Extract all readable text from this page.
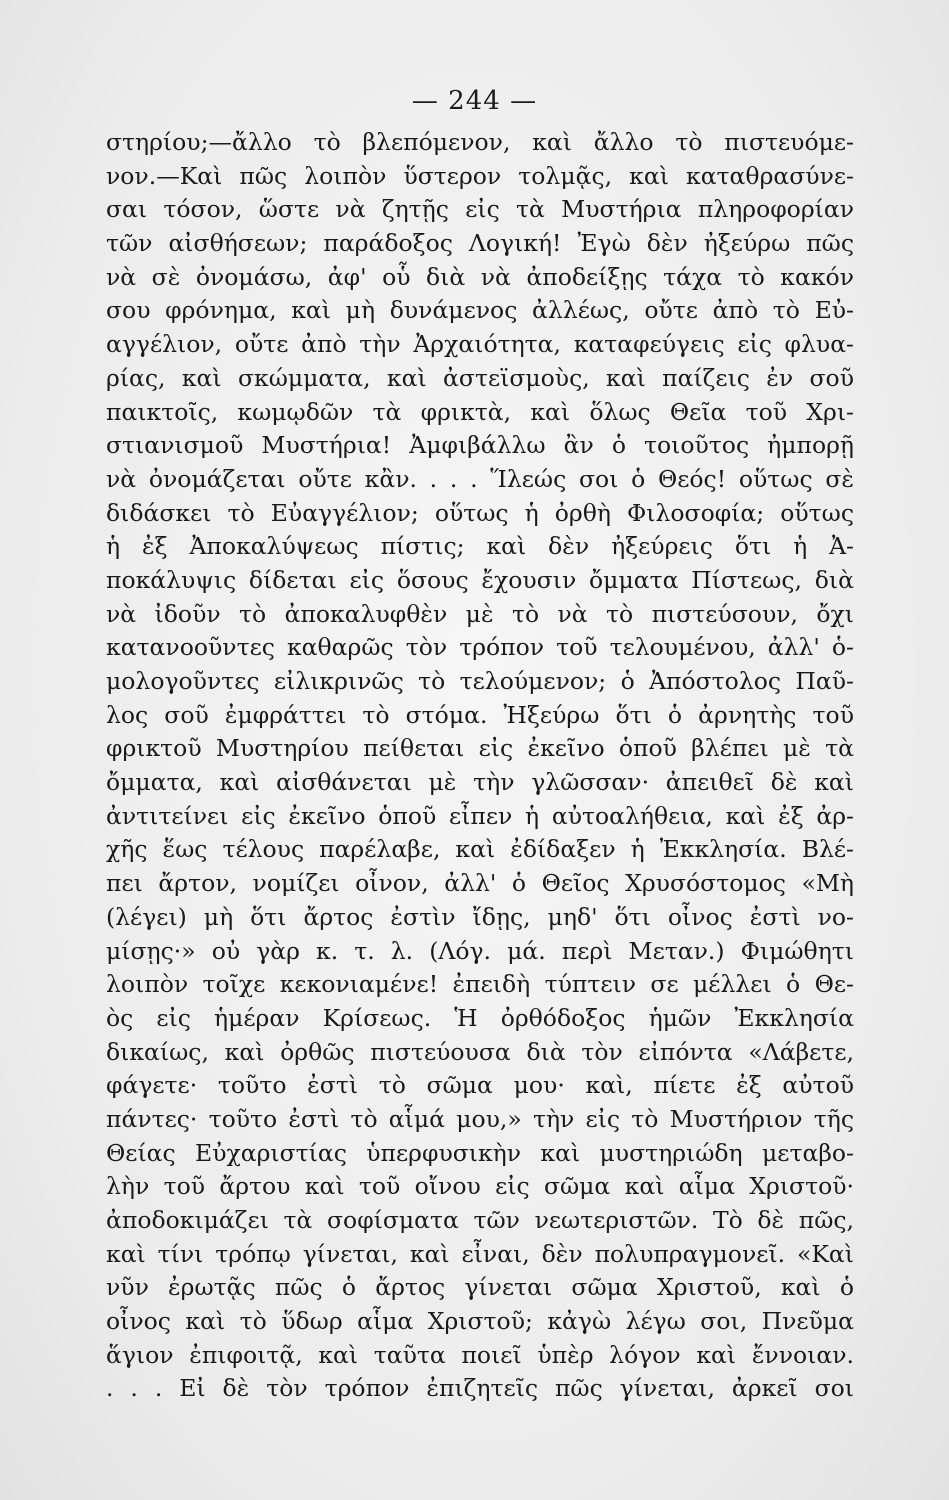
— 244 —
στηρίου;—ἄλλο τὸ βλεπόμενον, καὶ ἄλλο τὸ πιστευόμε-
νον.—Καὶ πῶς λοιπὸν ὕστερον τολμᾷς, καὶ καταθρασύνε-
σαι τόσον, ὥστε νὰ ζητῇς εἰς τὰ Μυστήρια πληροφορίαν
τῶν αἰσθήσεων; παράδοξος Λογική! Ἐγὼ δὲν ἠξεύρω πῶς
νὰ σὲ ὀνομάσω, ἀφ' οὗ διὰ νὰ ἀποδείξῃς τάχα τὸ κακόν
σου φρόνημα, καὶ μὴ δυνάμενος ἀλλέως, οὔτε ἀπὸ τὸ Εὐ-
αγγέλιον, οὔτε ἀπὸ τὴν Ἀρχαιότητα, καταφεύγεις εἰς φλυα-
ρίας, καὶ σκώμματα, καὶ ἀστεϊσμοὺς, καὶ παίζεις ἐν σοῦ
παικτοῖς, κωμῳδῶν τὰ φρικτὰ, καὶ ὅλως Θεῖα τοῦ Χρι-
στιανισμοῦ Μυστήρια! Ἀμφιβάλλω ἂν ὁ τοιοῦτος ἠμπορῇ
νὰ ὀνομάζεται οὔτε κἂν. . . . Ἵλεώς σοι ὁ Θεός! οὕτως σὲ
διδάσκει τὸ Εὐαγγέλιον; οὕτως ἡ ὀρθὴ Φιλοσοφία; οὕτως
ἡ ἐξ Ἀποκαλύψεως πίστις; καὶ δὲν ἠξεύρεις ὅτι ἡ Ἀ-
ποκάλυψις δίδεται εἰς ὅσους ἔχουσιν ὄμματα Πίστεως, διὰ
νὰ ἰδοῦν τὸ ἀποκαλυφθὲν μὲ τὸ νὰ τὸ πιστεύσουν, ὄχι
κατανοοῦντες καθαρῶς τὸν τρόπον τοῦ τελουμένου, ἀλλ' ὁ-
μολογοῦντες εἰλικρινῶς τὸ τελούμενον; ὁ Ἀπόστολος Παῦ-
λος σοῦ ἐμφράττει τὸ στόμα. Ἠξεύρω ὅτι ὁ ἀρνητὴς τοῦ
φρικτοῦ Μυστηρίου πείθεται εἰς ἐκεῖνο ὁποῦ βλέπει μὲ τὰ
ὄμματα, καὶ αἰσθάνεται μὲ τὴν γλῶσσαν· ἀπειθεῖ δὲ καὶ
ἀντιτείνει εἰς ἐκεῖνο ὁποῦ εἶπεν ἡ αὐτοαλήθεια, καὶ ἐξ ἀρ-
χῆς ἕως τέλους παρέλαβε, καὶ ἐδίδαξεν ἡ Ἐκκλησία. Βλέ-
πει ἄρτον, νομίζει οἶνον, ἀλλ' ὁ Θεῖος Χρυσόστομος «Μὴ
(λέγει) μὴ ὅτι ἄρτος ἐστὶν ἴδῃς, μηδ' ὅτι οἶνος ἐστὶ νο-
μίσῃς·» οὐ γὰρ κ. τ. λ. (Λόγ. μά. περὶ Μεταν.) Φιμώθητι
λοιπὸν τοῖχε κεκονιαμένε! ἐπειδὴ τύπτειν σε μέλλει ὁ Θε-
ὸς εἰς ἡμέραν Κρίσεως. Ἡ ὀρθόδοξος ἡμῶν Ἐκκλησία
δικαίως, καὶ ὀρθῶς πιστεύουσα διὰ τὸν εἰπόντα «Λάβετε,
φάγετε· τοῦτο ἐστὶ τὸ σῶμα μου· καὶ, πίετε ἐξ αὐτοῦ
πάντες· τοῦτο ἐστὶ τὸ αἷμά μου,» τὴν εἰς τὸ Μυστήριον τῆς
Θείας Εὐχαριστίας ὑπερφυσικὴν καὶ μυστηριώδη μεταβο-
λὴν τοῦ ἄρτου καὶ τοῦ οἴνου εἰς σῶμα καὶ αἷμα Χριστοῦ·
ἀποδοκιμάζει τὰ σοφίσματα τῶν νεωτεριστῶν. Τὸ δὲ πῶς,
καὶ τίνι τρόπῳ γίνεται, καὶ εἶναι, δὲν πολυπραγμονεῖ. «Καὶ
νῦν ἐρωτᾷς πῶς ὁ ἄρτος γίνεται σῶμα Χριστοῦ, καὶ ὁ
οἶνος καὶ τὸ ὕδωρ αἷμα Χριστοῦ; κἀγὼ λέγω σοι, Πνεῦμα
ἅγιον ἐπιφοιτᾷ, καὶ ταῦτα ποιεῖ ὑπὲρ λόγον καὶ ἔννοιαν.
. . . Εἰ δὲ τὸν τρόπον ἐπιζητεῖς πῶς γίνεται, ἀρκεῖ σοι
